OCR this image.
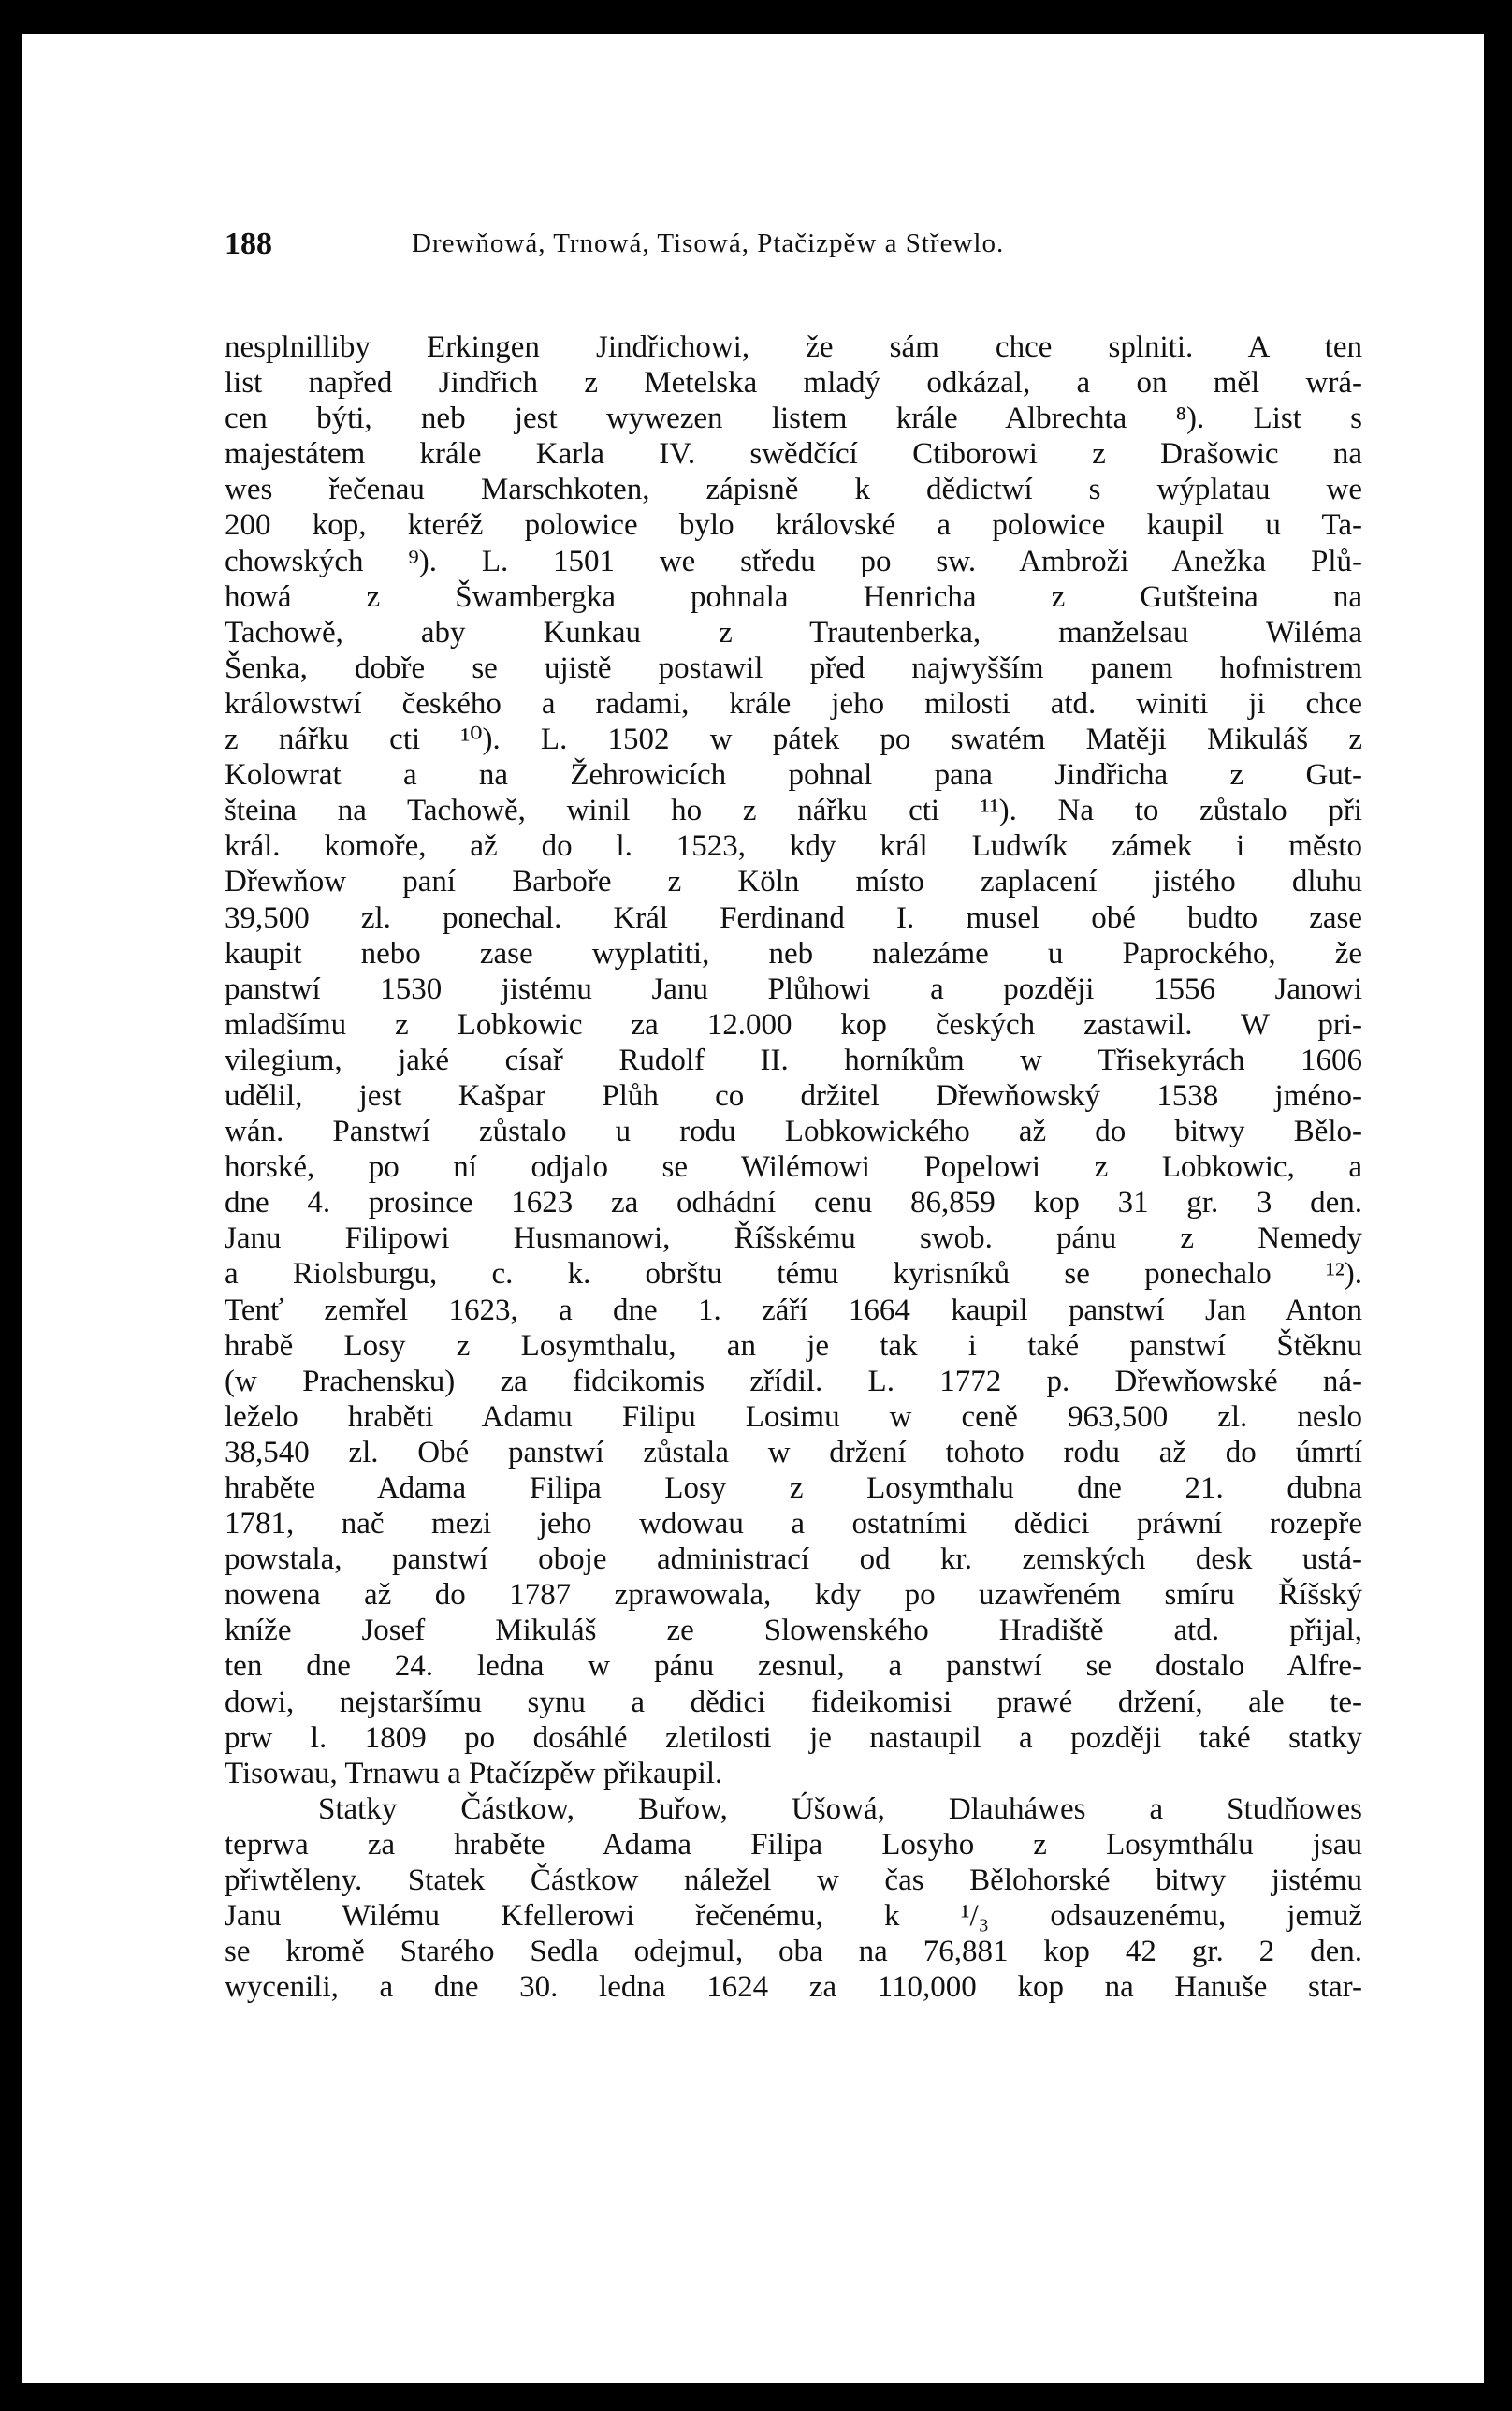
188	Drewňowá, Trnowá, Tisowá, Ptačizpěw a Střewlo.
nesplnilliby Erkingen Jindřichowi, že sám chce splniti. A ten
list napřed Jindřich z Metelska mladý odkázal, a on měl wrá-
cen býti, neb jest wywezen listem krále Albrechta ⁸). List s
majestátem krále Karla IV. swědčící Ctiborowi z Drašowic na
wes řečenau Marschkoten, zápisně k dědictwí s wýplatau we
200 kop, kteréž polowice bylo královské a polowice kaupil u Ta-
chowských ⁹). L. 1501 we středu po sw. Ambroži Anežka Plů-
howá z Šwambergka pohnala Henricha z Gutšteina na
Tachowě, aby Kunkau z Trautenberka, manželsau Wiléma
Šenka, dobře se ujistě postawil před najwyšším panem hofmistrem
králowstwí českého a radami, krále jeho milosti atd. winiti ji chce
z nářku cti ¹⁰). L. 1502 w pátek po swatém Matěji Mikuláš z
Kolowrat a na Žehrowicích pohnal pana Jindřicha z Gut-
šteina na Tachowě, winil ho z nářku cti ¹¹). Na to zůstalo při
král. komoře, až do l. 1523, kdy král Ludwík zámek i město
Dřewňow paní Barboře z Köln místo zaplacení jistého dluhu
39,500 zl. ponechal. Král Ferdinand I. musel obé budto zase
kaupit nebo zase wyplatiti, neb nalezáme u Paprockého, že
panstwí 1530 jistému Janu Plůhowi a později 1556 Janowi
mladšímu z Lobkowic za 12.000 kop českých zastawil. W pri-
vilegium, jaké císař Rudolf II. horníkům w Třisekyrách 1606
udělil, jest Kašpar Plůh co držitel Dřewňowský 1538 jméno-
wán. Panstwí zůstalo u rodu Lobkowického až do bitwy Bělo-
horské, po ní odjalo se Wilémowi Popelowi z Lobkowic, a
dne 4. prosince 1623 za odhádní cenu 86,859 kop 31 gr. 3 den.
Janu Filipowi Husmanowi, Říšskému swob. pánu z Nemedy
a Riolsburgu, c. k. obrštu tému kyrisníků se ponechalo ¹²).
Tenť zemřel 1623, a dne 1. září 1664 kaupil panstwí Jan Anton
hrabě Losy z Losymthalu, an je tak i také panstwí Štěknu
(w Prachensku) za fidcikomis zřídil. L. 1772 p. Dřewňowské ná-
leželo hraběti Adamu Filipu Losimu w ceně 963,500 zl. neslo
38,540 zl. Obé panstwí zůstala w držení tohoto rodu až do úmrtí
hraběte Adama Filipa Losy z Losymthalu dne 21. dubna
1781, nač mezi jeho wdowau a ostatními dědici práwní rozepře
powstala, panstwí oboje administrací od kr. zemských desk ustá-
nowena až do 1787 zprawowala, kdy po uzawřeném smíru Říšský
kníže Josef Mikuláš ze Slowenského Hradiště atd. přijal,
ten dne 24. ledna w pánu zesnul, a panstwí se dostalo Alfre-
dowi, nejstaršímu synu a dědici fideikomisi prawé držení, ale te-
prw l. 1809 po dosáhlé zletilosti je nastaupil a později také statky
Tisowau, Trnawu a Ptačízpěw přikaupil.
Statky Částkow, Buřow, Úšowá, Dlauháwes a Studňowes
teprwa za hraběte Adama Filipa Losyho z Losymthálu jsau
přiwtěleny. Statek Částkow náležel w čas Bělohorské bitwy jistému
Janu Wilému Kfellerowi řečenému, k ¹/₃ odsauzenému, jemuž
se kromě Starého Sedla odejmul, oba na 76,881 kop 42 gr. 2 den.
wycenili, a dne 30. ledna 1624 za 110,000 kop na Hanuše star-
